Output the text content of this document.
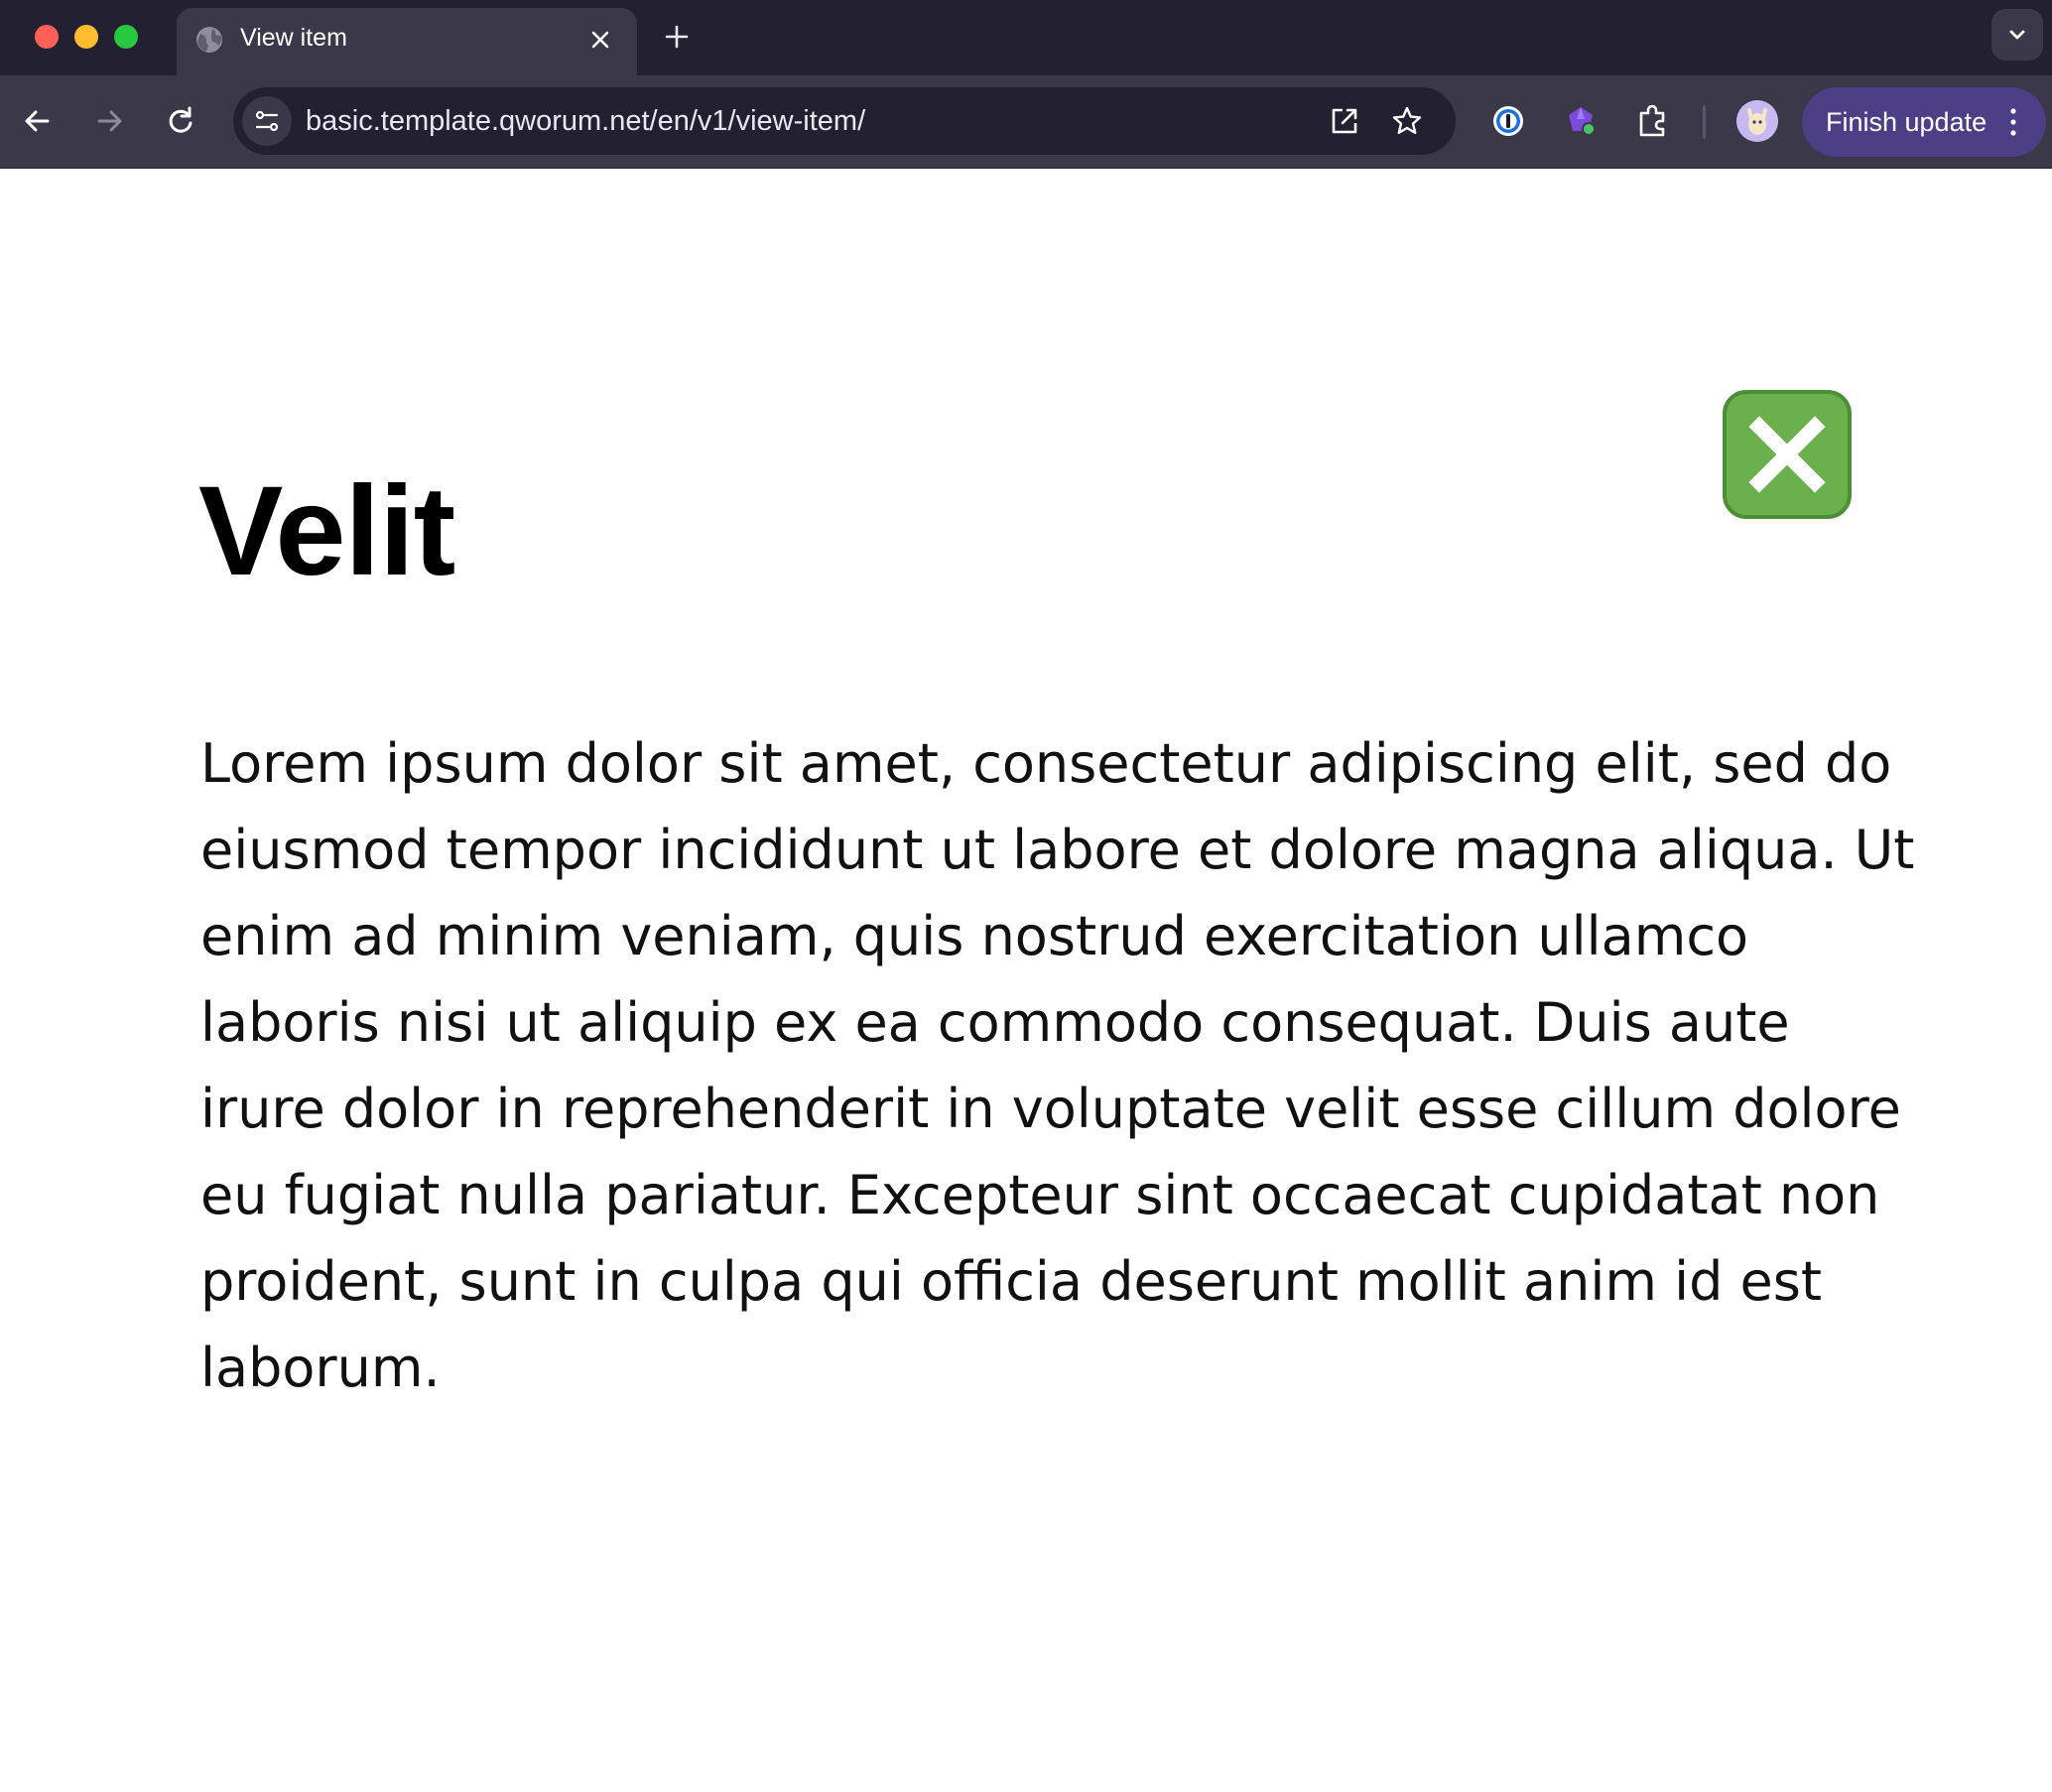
View item
basic.template.qworum.net/en/v1/view-item/	Finish update
Velit

Lorem ipsum dolor sit amet, consectetur adipiscing elit, sed do eiusmod tempor incididunt ut labore et dolore magna aliqua. Ut enim ad minim veniam, quis nostrud exercitation ullamco laboris nisi ut aliquip ex ea commodo consequat. Duis aute irure dolor in reprehenderit in voluptate velit esse cillum dolore eu fugiat nulla pariatur. Excepteur sint occaecat cupidatat non proident, sunt in culpa qui officia deserunt mollit anim id est laborum.
